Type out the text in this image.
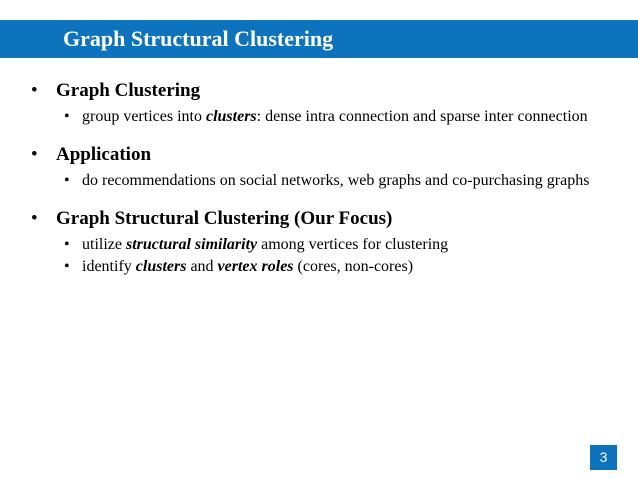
Graph Structural Clustering
• Graph Clustering
• group vertices into clusters: dense intra connection and sparse inter connection
• Application
• do recommendations on social networks, web graphs and co-purchasing graphs
• Graph Structural Clustering (Our Focus)
• utilize structural similarity among vertices for clustering
• identify clusters and vertex roles (cores, non-cores)
3
